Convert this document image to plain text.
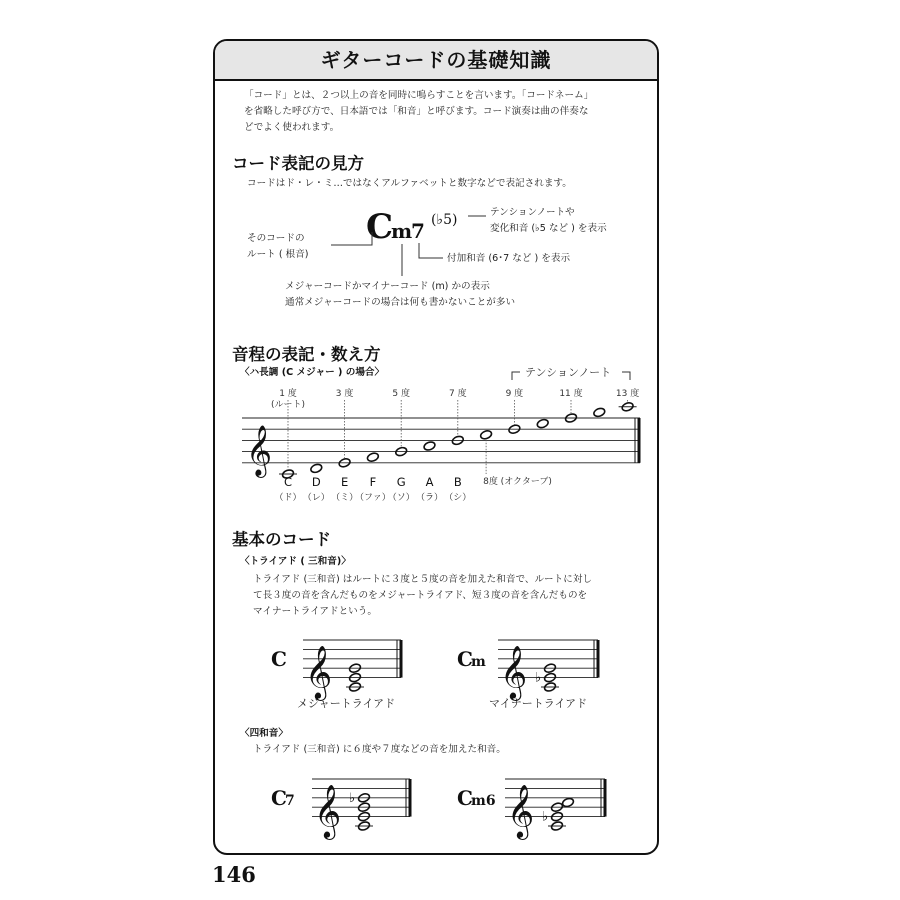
ギターコードの基礎知識
「コード」とは、２つ以上の音を同時に鳴らすことを言います。「コードネーム」
を省略した呼び方で、日本語では「和音」と呼びます。コード演奏は曲の伴奏な
どでよく使われます。
コード表記の見方
コードはド・レ・ミ…ではなくアルファベットと数字などで表記されます。
そのコードの
ルート ( 根音)
テンションノートや
変化和音 (♭5 など ) を表示
付加和音 (6･7 など ) を表示
メジャーコードかマイナーコード (m) かの表示
通常メジャーコードの場合は何も書かないことが多い
音程の表記・数え方
〈ハ長調 (C メジャー ) の場合〉
基本のコード
〈トライアド ( 三和音)〉
トライアド (三和音) はルートに３度と５度の音を加えた和音で、ルートに対し
て長３度の音を含んだものをメジャートライアド、短３度の音を含んだものを
マイナートライアドという。
メジャートライアド	マイナートライアド
〈四和音〉
トライアド (三和音) に６度や７度などの音を加えた和音。
146
C
m
7 (♭5)
𝄞
1 度	3 度	5 度	7 度	9 度	11 度	13 度
(ルート)
8度 (オクターブ)
C
（ド）
D
（レ）
E
（ミ）
F
（ファ）
G
（ソ）
A
（ラ）
B
（シ）
テンションノート
C 𝄞	C
m 𝄞 ♭
C
7 𝄞 ♭	C
m6 𝄞 ♭
